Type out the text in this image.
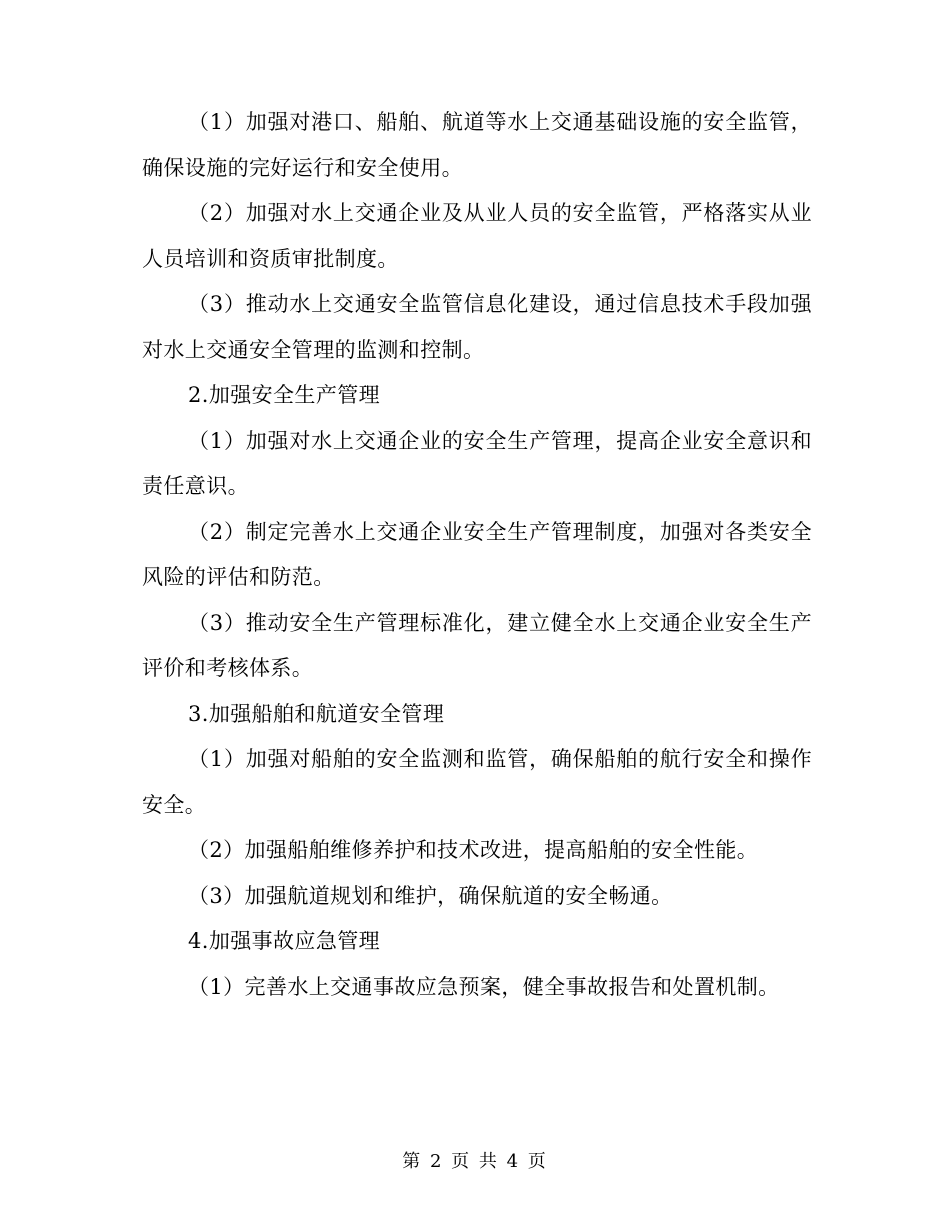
（1）加强对港口、船舶、航道等水上交通基础设施的安全监管，确保设施的完好运行和安全使用。

（2）加强对水上交通企业及从业人员的安全监管，严格落实从业人员培训和资质审批制度。

（3）推动水上交通安全监管信息化建设，通过信息技术手段加强对水上交通安全管理的监测和控制。

2.加强安全生产管理

（1）加强对水上交通企业的安全生产管理，提高企业安全意识和责任意识。

（2）制定完善水上交通企业安全生产管理制度，加强对各类安全风险的评估和防范。

（3）推动安全生产管理标准化，建立健全水上交通企业安全生产评价和考核体系。

3.加强船舶和航道安全管理

（1）加强对船舶的安全监测和监管，确保船舶的航行安全和操作安全。

（2）加强船舶维修养护和技术改进，提高船舶的安全性能。

（3）加强航道规划和维护，确保航道的安全畅通。

4.加强事故应急管理

（1）完善水上交通事故应急预案，健全事故报告和处置机制。

第 2 页 共 4 页
